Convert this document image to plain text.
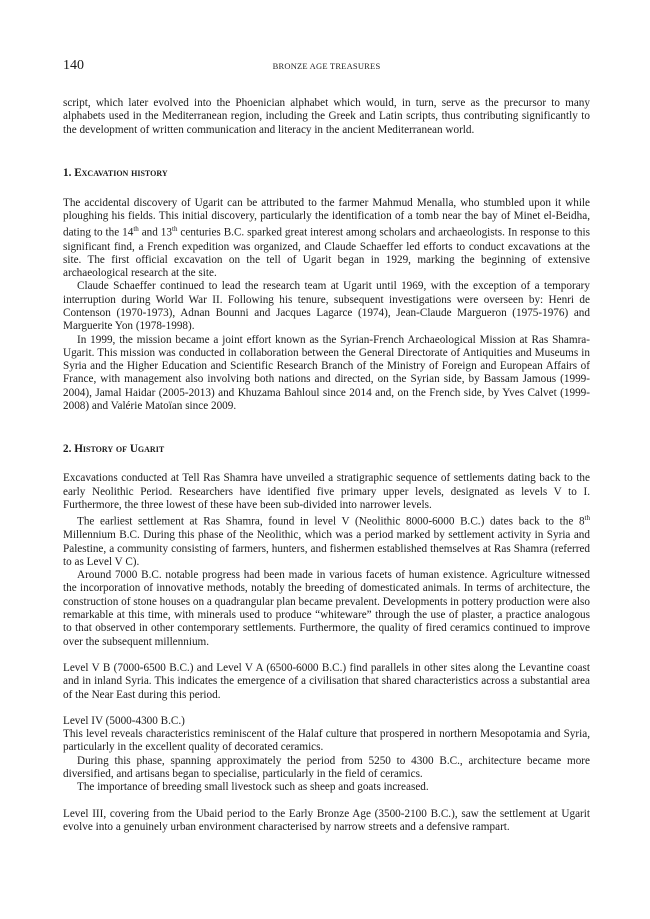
140	BRONZE AGE TREASURES

script, which later evolved into the Phoenician alphabet which would, in turn, serve as the precursor to many alphabets used in the Mediterranean region, including the Greek and Latin scripts, thus contributing significantly to the development of written communication and literacy in the ancient Mediterranean world.

1. Excavation history

The accidental discovery of Ugarit can be attributed to the farmer Mahmud Menalla, who stumbled upon it while ploughing his fields. This initial discovery, particularly the identification of a tomb near the bay of Minet el-Beidha, dating to the 14th and 13th centuries B.C. sparked great interest among scholars and archaeologists. In response to this significant find, a French expedition was organized, and Claude Schaeffer led efforts to conduct excavations at the site. The first official excavation on the tell of Ugarit began in 1929, marking the beginning of extensive archaeological research at the site.

Claude Schaeffer continued to lead the research team at Ugarit until 1969, with the exception of a temporary interruption during World War II. Following his tenure, subsequent investigations were overseen by: Henri de Contenson (1970-1973), Adnan Bounni and Jacques Lagarce (1974), Jean-Claude Margueron (1975-1976) and Marguerite Yon (1978-1998).

In 1999, the mission became a joint effort known as the Syrian-French Archaeological Mission at Ras Shamra-Ugarit. This mission was conducted in collaboration between the General Directorate of Antiquities and Museums in Syria and the Higher Education and Scientific Research Branch of the Ministry of Foreign and European Affairs of France, with management also involving both nations and directed, on the Syrian side, by Bassam Jamous (1999-2004), Jamal Haidar (2005-2013) and Khuzama Bahloul since 2014 and, on the French side, by Yves Calvet (1999-2008) and Valérie Matoïan since 2009.

2. History of Ugarit

Excavations conducted at Tell Ras Shamra have unveiled a stratigraphic sequence of settlements dating back to the early Neolithic Period. Researchers have identified five primary upper levels, designated as levels V to I. Furthermore, the three lowest of these have been sub-divided into narrower levels.

The earliest settlement at Ras Shamra, found in level V (Neolithic 8000-6000 B.C.) dates back to the 8th Millennium B.C. During this phase of the Neolithic, which was a period marked by settlement activity in Syria and Palestine, a community consisting of farmers, hunters, and fishermen established themselves at Ras Shamra (referred to as Level V C).

Around 7000 B.C. notable progress had been made in various facets of human existence. Agriculture witnessed the incorporation of innovative methods, notably the breeding of domesticated animals. In terms of architecture, the construction of stone houses on a quadrangular plan became prevalent. Developments in pottery production were also remarkable at this time, with minerals used to produce “whiteware” through the use of plaster, a practice analogous to that observed in other contemporary settlements. Furthermore, the quality of fired ceramics continued to improve over the subsequent millennium.

Level V B (7000-6500 B.C.) and Level V A (6500-6000 B.C.) find parallels in other sites along the Levantine coast and in inland Syria. This indicates the emergence of a civilisation that shared characteristics across a substantial area of the Near East during this period.

Level IV (5000-4300 B.C.)

This level reveals characteristics reminiscent of the Halaf culture that prospered in northern Mesopotamia and Syria, particularly in the excellent quality of decorated ceramics.

During this phase, spanning approximately the period from 5250 to 4300 B.C., architecture became more diversified, and artisans began to specialise, particularly in the field of ceramics.

The importance of breeding small livestock such as sheep and goats increased.

Level III, covering from the Ubaid period to the Early Bronze Age (3500-2100 B.C.), saw the settlement at Ugarit evolve into a genuinely urban environment characterised by narrow streets and a defensive rampart.
